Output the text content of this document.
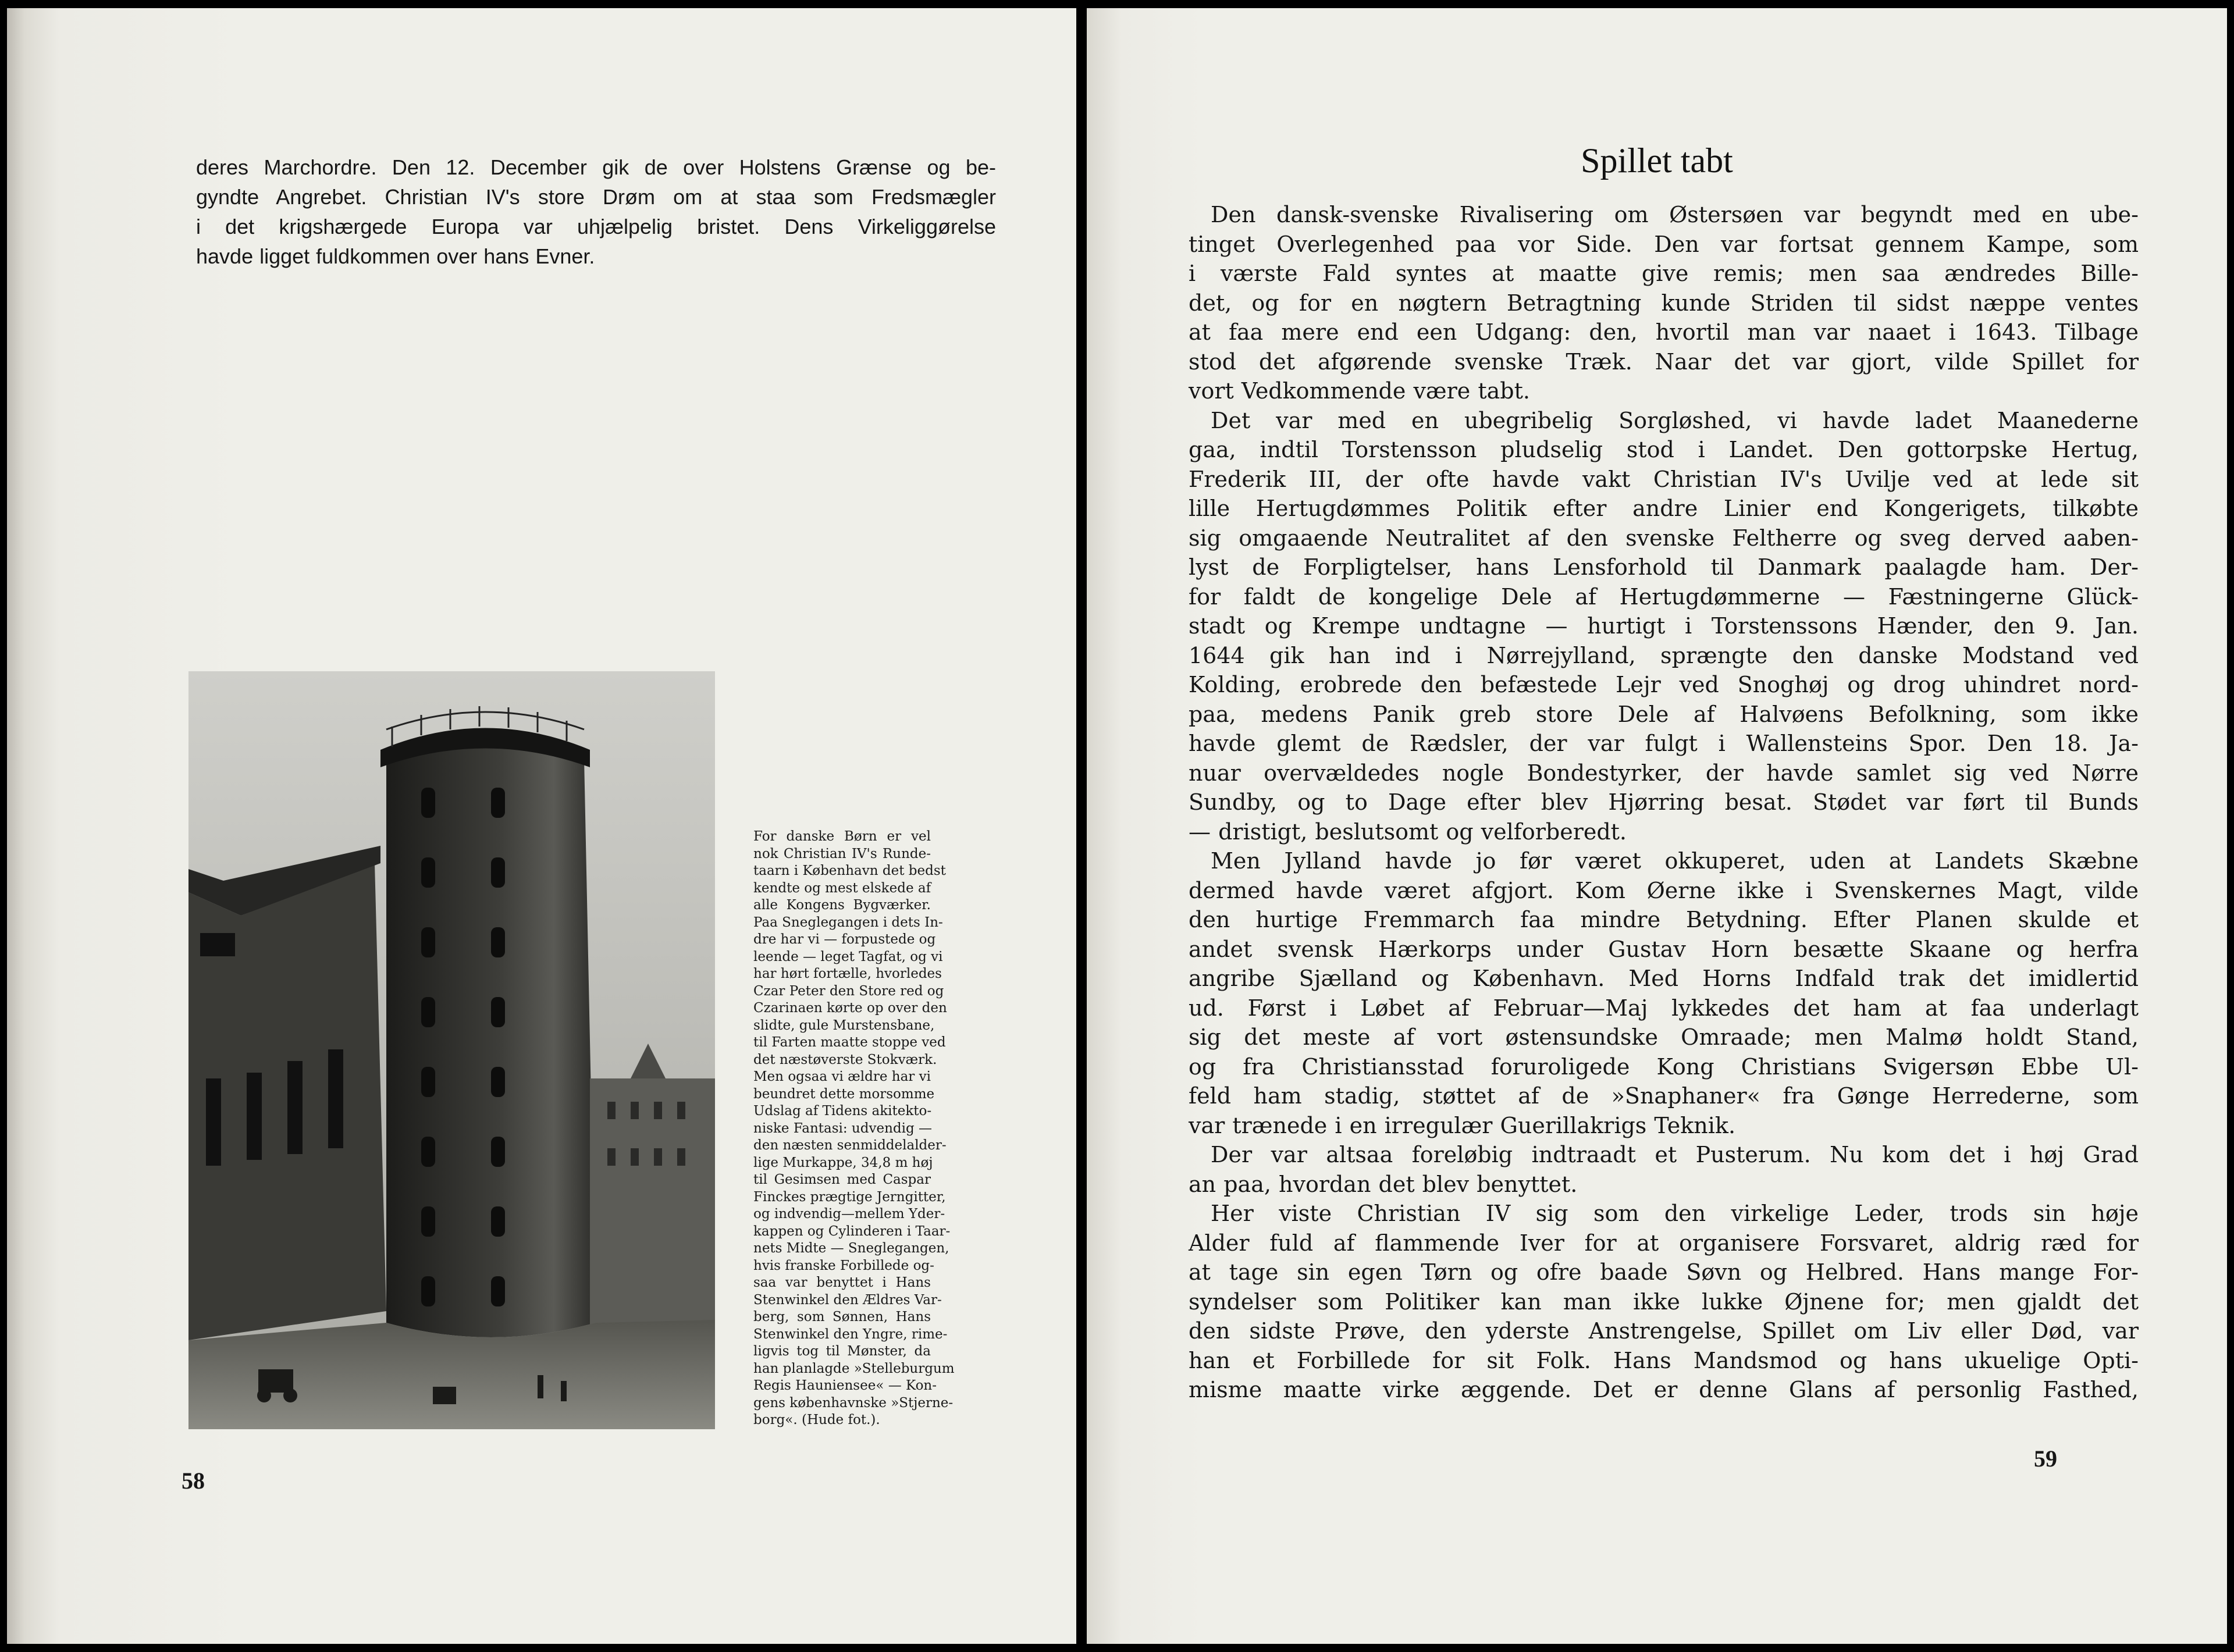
deres Marchordre. Den 12. December gik de over Holstens Grænse og be-
gyndte Angrebet. Christian IV's store Drøm om at staa som Fredsmægler
i det krigshærgede Europa var uhjælpelig bristet. Dens Virkeliggørelse
havde ligget fuldkommen over hans Evner.
For danske Børn er vel
nok Christian IV's Runde-
taarn i København det bedst
kendte og mest elskede af
alle Kongens Bygværker.
Paa Sneglegangen i dets In-
dre har vi — forpustede og
leende — leget Tagfat, og vi
har hørt fortælle, hvorledes
Czar Peter den Store red og
Czarinaen kørte op over den
slidte, gule Murstensbane,
til Farten maatte stoppe ved
det næstøverste Stokværk.
Men ogsaa vi ældre har vi
beundret dette morsomme
Udslag af Tidens akitekto-
niske Fantasi: udvendig —
den næsten senmiddelalder-
lige Murkappe, 34,8 m høj
til Gesimsen med Caspar
Finckes prægtige Jerngitter,
og indvendig—mellem Yder-
kappen og Cylinderen i Taar-
nets Midte — Sneglegangen,
hvis franske Forbillede og-
saa var benyttet i Hans
Stenwinkel den Ældres Var-
berg, som Sønnen, Hans
Stenwinkel den Yngre, rime-
ligvis tog til Mønster, da
han planlagde »Stelleburgum
Regis Hauniensee« — Kon-
gens københavnske »Stjerne-
borg«. (Hude fot.).
58
Spillet tabt

Den dansk-svenske Rivalisering om Østersøen var begyndt med en ube-
tinget Overlegenhed paa vor Side. Den var fortsat gennem Kampe, som
i værste Fald syntes at maatte give remis; men saa ændredes Bille-
det, og for en nøgtern Betragtning kunde Striden til sidst næppe ventes
at faa mere end een Udgang: den, hvortil man var naaet i 1643. Tilbage
stod det afgørende svenske Træk. Naar det var gjort, vilde Spillet for
vort Vedkommende være tabt.

Det var med en ubegribelig Sorgløshed, vi havde ladet Maanederne
gaa, indtil Torstensson pludselig stod i Landet. Den gottorpske Hertug,
Frederik III, der ofte havde vakt Christian IV's Uvilje ved at lede sit
lille Hertugdømmes Politik efter andre Linier end Kongerigets, tilkøbte
sig omgaaende Neutralitet af den svenske Feltherre og sveg derved aaben-
lyst de Forpligtelser, hans Lensforhold til Danmark paalagde ham. Der-
for faldt de kongelige Dele af Hertugdømmerne — Fæstningerne Glück-
stadt og Krempe undtagne — hurtigt i Torstenssons Hænder, den 9. Jan.
1644 gik han ind i Nørrejylland, sprængte den danske Modstand ved
Kolding, erobrede den befæstede Lejr ved Snoghøj og drog uhindret nord-
paa, medens Panik greb store Dele af Halvøens Befolkning, som ikke
havde glemt de Rædsler, der var fulgt i Wallensteins Spor. Den 18. Ja-
nuar overvældedes nogle Bondestyrker, der havde samlet sig ved Nørre
Sundby, og to Dage efter blev Hjørring besat. Stødet var ført til Bunds
— dristigt, beslutsomt og velforberedt.

Men Jylland havde jo før været okkuperet, uden at Landets Skæbne
dermed havde været afgjort. Kom Øerne ikke i Svenskernes Magt, vilde
den hurtige Fremmarch faa mindre Betydning. Efter Planen skulde et
andet svensk Hærkorps under Gustav Horn besætte Skaane og herfra
angribe Sjælland og København. Med Horns Indfald trak det imidlertid
ud. Først i Løbet af Februar—Maj lykkedes det ham at faa underlagt
sig det meste af vort østensundske Omraade; men Malmø holdt Stand,
og fra Christiansstad foruroligede Kong Christians Svigersøn Ebbe Ul-
feld ham stadig, støttet af de »Snaphaner« fra Gønge Herrederne, som
var trænede i en irregulær Guerillakrigs Teknik.

Der var altsaa foreløbig indtraadt et Pusterum. Nu kom det i høj Grad
an paa, hvordan det blev benyttet.

Her viste Christian IV sig som den virkelige Leder, trods sin høje
Alder fuld af flammende Iver for at organisere Forsvaret, aldrig ræd for
at tage sin egen Tørn og ofre baade Søvn og Helbred. Hans mange For-
syndelser som Politiker kan man ikke lukke Øjnene for; men gjaldt det
den sidste Prøve, den yderste Anstrengelse, Spillet om Liv eller Død, var
han et Forbillede for sit Folk. Hans Mandsmod og hans ukuelige Opti-
misme maatte virke æggende. Det er denne Glans af personlig Fasthed,

59
